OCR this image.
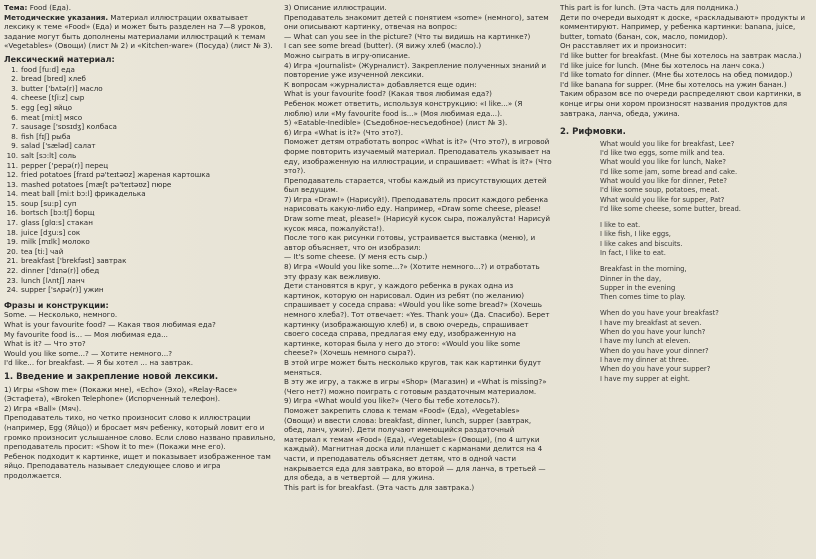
Тема: Food (Еда).

Методические указания. Материал иллюстрации охватывает лексику к теме «Food» (Еда) и может быть разделен на 7—8 уроков, задание могут быть дополнены материалами иллюстраций к темам «Vegetables» (Овощи) (лист № 2) и «Kitchen-ware» (Посуда) (лист № 3).

Лексический материал:

1. food [fu:d] еда
2. bread [bred] хлеб
3. butter ['bʌtə(r)] масло
4. cheese [tʃi:z] сыр
5. egg [eg] яйцо
6. meat [mi:t] мясо
7. sausage ['sɒsɪdʒ] колбаса
8. fish [fɪʃ] рыба
9. salad ['sæləd] салат
10. salt [sɔ:lt] соль
11. pepper ['pepə(r)] перец
12. fried potatoes [fraɪd pə'teɪtəʊz] жареная картошка
13. mashed potatoes [mæʃt pə'teɪtəʊz] пюре
14. meat ball [mi:t bɔ:l] фрикаделька
15. soup [su:p] суп
16. bortsch [bɔ:tʃ] борщ
17. glass [glɑ:s] стакан
18. juice [dʒu:s] сок
19. milk [mɪlk] молоко
20. tea [ti:] чай
21. breakfast ['brekfəst] завтрак
22. dinner ['dɪnə(r)] обед
23. lunch [lʌntʃ] ланч
24. supper ['sʌpə(r)] ужин

Фразы и конструкции:

Some. — Несколько, немного.

What is your favourite food? — Какая твоя любимая еда?

My favourite food is... — Моя любимая еда...

What is it? — Что это?

Would you like some...? — Хотите немного...?

I'd like... for breakfast. — Я бы хотел ... на завтрак.

1. Введение и закрепление новой лексики.

1) Игры «Show me» (Покажи мне), «Echo» (Эхо), «Relay-Race» (Эстафета), «Broken Telephone» (Испорченный телефон).

2) Игра «Ball» (Мяч).

Преподаватель тихо, но четко произносит слово к иллюстрации (например, Egg (Яйцо)) и бросает мяч ребенку, который ловит его и громко произносит услышанное слово. Если слово названо правильно, преподаватель просит: «Show it to me» (Покажи мне его).

Ребенок подходит к картинке, ищет и показывает изображенное там яйцо. Преподаватель называет следующее слово и игра продолжается.

3) Описание иллюстрации.

Преподаватель знакомит детей с понятием «some» (немного), затем они описывают картинку, отвечая на вопрос:

— What can you see in the picture? (Что ты видишь на картинке?)

I can see some bread (butter). (Я вижу хлеб (масло).)

Можно сыграть в игру-описание.

4) Игра «Journalist» (Журналист). Закрепление полученных знаний и повторение уже изученной лексики.

К вопросам «журналиста» добавляется еще один:

What is your favourite food? (Какая твоя любимая еда?)

Ребенок может ответить, используя конструкцию: «I like...» (Я люблю) или «My favourite food is...» (Моя любимая еда...).

5) «Eatable-Inedible» (Съедобное-несъедобное) (лист № 3).

6) Игра «What is it?» (Что это?).

Поможет детям отработать вопрос «What is it?» (Что это?), в игровой форме повторить изучаемый материал. Преподаватель указывает на еду, изображенную на иллюстрации, и спрашивает: «What is it?» (Что это?).

Преподаватель старается, чтобы каждый из присутствующих детей был ведущим.

7) Игра «Draw!» (Нарисуй!). Преподаватель просит каждого ребенка нарисовать какую-либо еду. Например, «Draw some cheese, please! Draw some meat, please!» (Нарисуй кусок сыра, пожалуйста! Нарисуй кусок мяса, пожалуйста!).

После того как рисунки готовы, устраивается выставка (меню), и автор объясняет, что он изобразил:

— It's some cheese. (У меня есть сыр.)

8) Игра «Would you like some...?» (Хотите немного...?) и отработать эту фразу как вежливую.

Дети становятся в круг, у каждого ребенка в руках одна из картинок, которую он нарисовал. Один из ребят (по желанию) спрашивает у соседа справа: «Would you like some bread?» (Хочешь немного хлеба?). Тот отвечает: «Yes. Thank you» (Да. Спасибо). Берет картинку (изображающую хлеб) и, в свою очередь, спрашивает своего соседа справа, предлагая ему еду, изображенную на картинке, которая была у него до этого: «Would you like some cheese?» (Хочешь немного сыра?).

В этой игре может быть несколько кругов, так как картинки будут меняться.

В эту же игру, а также в игры «Shop» (Магазин) и «What is missing?» (Чего нет?) можно поиграть с готовым раздаточным материалом.

9) Игра «What would you like?» (Чего бы тебе хотелось?).

Поможет закрепить слова к темам «Food» (Еда), «Vegetables» (Овощи) и ввести слова: breakfast, dinner, lunch, supper (завтрак, обед, ланч, ужин). Дети получают имеющийся раздаточный материал к темам «Food» (Еда), «Vegetables» (Овощи), (по 4 штуки каждый). Магнитная доска или планшет с карманами делится на 4 части, и преподаватель объясняет детям, что в одной части накрывается еда для завтрака, во второй — для ланча, в третьей — для обеда, а в четвертой — для ужина.

This part is for breakfast. (Эта часть для завтрака.)

This part is for lunch. (Эта часть для полдника.)

Дети по очереди выходят к доске, «раскладывают» продукты и комментируют. Например, у ребенка картинки: banana, juice, butter, tomato (банан, сок, масло, помидор).

Он расставляет их и произносит:

I'd like butter for breakfast. (Мне бы хотелось на завтрак масла.)

I'd like juice for lunch. (Мне бы хотелось на ланч сока.)

I'd like tomato for dinner. (Мне бы хотелось на обед помидор.)

I'd like banana for supper. (Мне бы хотелось на ужин банан.)

Таким образом все по очереди распределяют свои картинки, в конце игры они хором произносят названия продуктов для завтрака, ланча, обеда, ужина.

2. Рифмовки.

What would you like for breakfast, Lee?

I'd like two eggs, some milk and tea.

What would you like for lunch, Nake?

I'd like some jam, some bread and cake.

What would you like for dinner, Pete?

I'd like some soup, potatoes, meat.

What would you like for supper, Pat?

I'd like some cheese, some butter, bread.

I like to eat.

I like fish, I like eggs,

I like cakes and biscuits.

In fact, I like to eat.

Breakfast in the morning,

Dinner in the day,

Supper in the evening

Then comes time to play.

When do you have your breakfast?

I have my breakfast at seven.

When do you have your lunch?

I have my lunch at eleven.

When do you have your dinner?

I have my dinner at three.

When do you have your supper?

I have my supper at eight.
